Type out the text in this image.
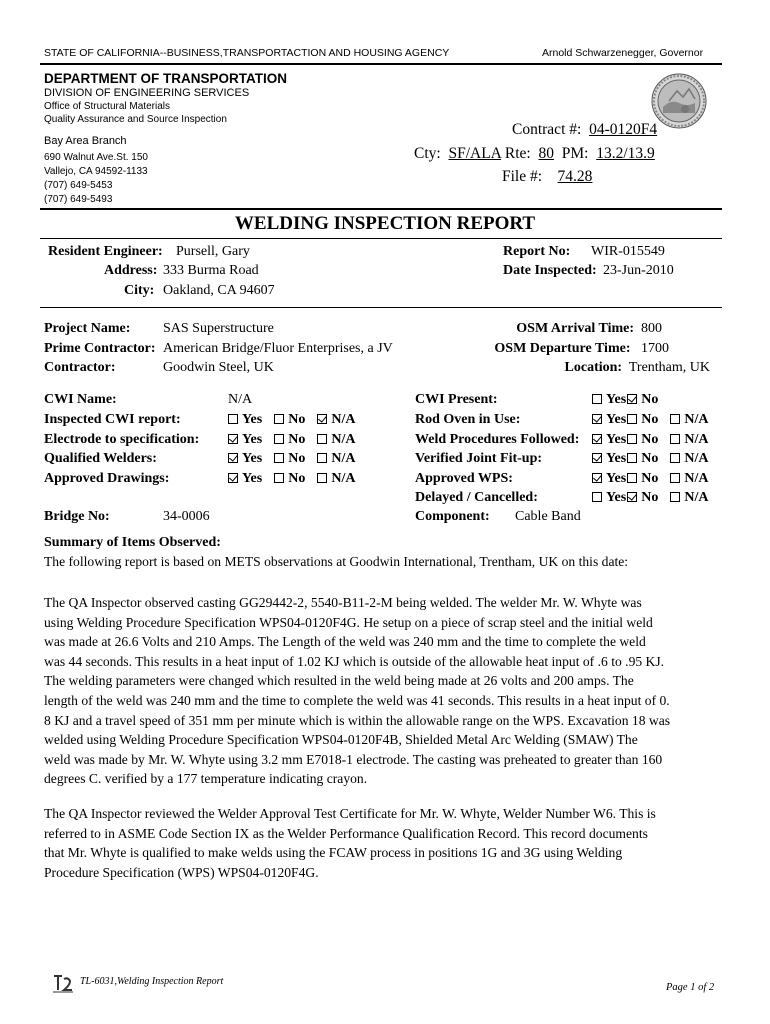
STATE OF CALIFORNIA--BUSINESS,TRANSPORTACTION AND HOUSING AGENCY	Arnold Schwarzenegger, Governor
DEPARTMENT OF TRANSPORTATION
DIVISION OF ENGINEERING SERVICES
Office of Structural Materials
Quality Assurance and Source Inspection
Bay Area Branch
690 Walnut Ave.St. 150
Vallejo, CA 94592-1133
(707) 649-5453
(707) 649-5493
Contract #: 04-0120F4
Cty: SF/ALA Rte: 80 PM: 13.2/13.9
File #: 74.28
WELDING INSPECTION REPORT
Resident Engineer: Pursell, Gary
Address: 333 Burma Road
City: Oakland, CA 94607
Report No: WIR-015549
Date Inspected: 23-Jun-2010
Project Name: SAS Superstructure
Prime Contractor: American Bridge/Fluor Enterprises, a JV
Contractor:	Goodwin Steel, UK
OSM Arrival Time: 800
OSM Departure Time: 1700
Location: Trentham, UK
CWI Name:	N/A
Inspected CWI report:	Yes No N/A
Electrode to specification:	Yes No N/A
Qualified Welders:	Yes No N/A
Approved Drawings:	Yes No N/A
CWI Present:	Yes No
Rod Oven in Use:	Yes No N/A
Weld Procedures Followed:	Yes No N/A
Verified Joint Fit-up:	Yes No N/A
Approved WPS:	Yes No N/A
Delayed / Cancelled:	Yes No N/A
Bridge No:	34-0006	Component: Cable Band
Summary of Items Observed:
The following report is based on METS observations at Goodwin International, Trentham, UK on this date:
The QA Inspector observed casting GG29442-2, 5540-B11-2-M being welded. The welder Mr. W. Whyte was
using Welding Procedure Specification WPS04-0120F4G. He setup on a piece of scrap steel and the initial weld
was made at 26.6 Volts and 210 Amps. The Length of the weld was 240 mm and the time to complete the weld
was 44 seconds. This results in a heat input of 1.02 KJ which is outside of the allowable heat input of .6 to .95 KJ.
The welding parameters were changed which resulted in the weld being made at 26 volts and 200 amps. The
length of the weld was 240 mm and the time to complete the weld was 41 seconds. This results in a heat input of 0.
8 KJ and a travel speed of 351 mm per minute which is within the allowable range on the WPS. Excavation 18 was
welded using Welding Procedure Specification WPS04-0120F4B, Shielded Metal Arc Welding (SMAW) The
weld was made by Mr. W. Whyte using 3.2 mm E7018-1 electrode. The casting was preheated to greater than 160
degrees C. verified by a 177 temperature indicating crayon.
The QA Inspector reviewed the Welder Approval Test Certificate for Mr. W. Whyte, Welder Number W6. This is
referred to in ASME Code Section IX as the Welder Performance Qualification Record. This record documents
that Mr. Whyte is qualified to make welds using the FCAW process in positions 1G and 3G using Welding
Procedure Specification (WPS) WPS04-0120F4G.
TL-6031,Welding Inspection Report
Page 1 of 2
